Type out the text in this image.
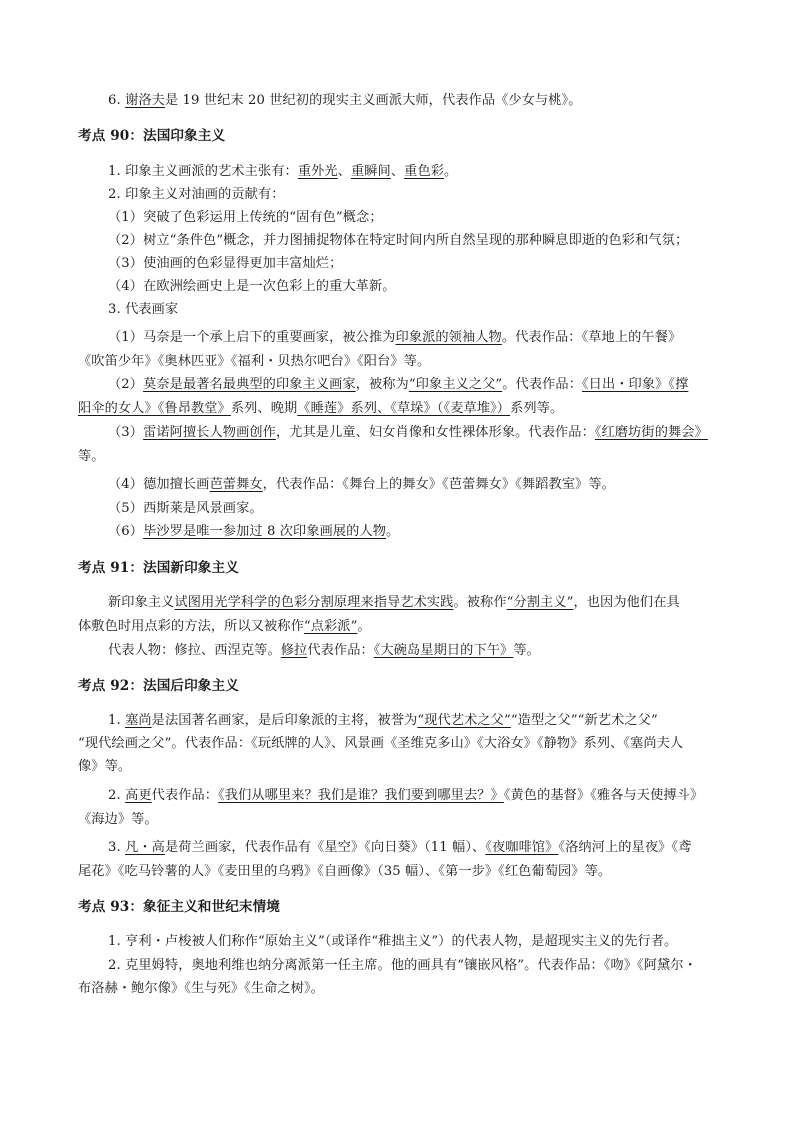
6. 谢洛夫是 19 世纪末 20 世纪初的现实主义画派大师，代表作品《少女与桃》。
考点 90：法国印象主义
1. 印象主义画派的艺术主张有：重外光、重瞬间、重色彩。
2. 印象主义对油画的贡献有：
（1）突破了色彩运用上传统的“固有色”概念；
（2）树立“条件色”概念，并力图捕捉物体在特定时间内所自然呈现的那种瞬息即逝的色彩和气氛；
（3）使油画的色彩显得更加丰富灿烂；
（4）在欧洲绘画史上是一次色彩上的重大革新。
3. 代表画家
（1）马奈是一个承上启下的重要画家，被公推为印象派的领袖人物。代表作品：《草地上的午餐》
《吹笛少年》《奥林匹亚》《福利・贝热尔吧台》《阳台》等。
（2）莫奈是最著名最典型的印象主义画家，被称为“印象主义之父”。代表作品：《日出・印象》《撑
阳伞的女人》《鲁昂教堂》系列、晚期《睡莲》系列、《草垛》（《麦草堆》）系列等。
（3）雷诺阿擅长人物画创作，尤其是儿童、妇女肖像和女性裸体形象。代表作品：《红磨坊街的舞会》
等。
（4）德加擅长画芭蕾舞女，代表作品：《舞台上的舞女》《芭蕾舞女》《舞蹈教室》等。
（5）西斯莱是风景画家。
（6）毕沙罗是唯一参加过 8 次印象画展的人物。
考点 91：法国新印象主义
新印象主义试图用光学科学的色彩分割原理来指导艺术实践。被称作“分割主义”，也因为他们在具
体敷色时用点彩的方法，所以又被称作“点彩派”。
代表人物：修拉、西涅克等。修拉代表作品：《大碗岛星期日的下午》等。
考点 92：法国后印象主义
1. 塞尚是法国著名画家，是后印象派的主将，被誉为“现代艺术之父”“造型之父”“新艺术之父”
“现代绘画之父”。代表作品：《玩纸牌的人》、风景画《圣维克多山》《大浴女》《静物》系列、《塞尚夫人
像》等。
2. 高更代表作品：《我们从哪里来？我们是谁？我们要到哪里去？》《黄色的基督》《雅各与天使搏斗》
《海边》等。
3. 凡・高是荷兰画家，代表作品有《星空》《向日葵》（11 幅）、《夜咖啡馆》《洛纳河上的星夜》《鸢
尾花》《吃马铃薯的人》《麦田里的乌鸦》《自画像》（35 幅）、《第一步》《红色葡萄园》等。
考点 93：象征主义和世纪末情境
1. 亨利・卢梭被人们称作“原始主义”（或译作“稚拙主义”）的代表人物，是超现实主义的先行者。
2. 克里姆特，奥地利维也纳分离派第一任主席。他的画具有“镶嵌风格”。代表作品：《吻》《阿黛尔・
布洛赫・鲍尔像》《生与死》《生命之树》。
